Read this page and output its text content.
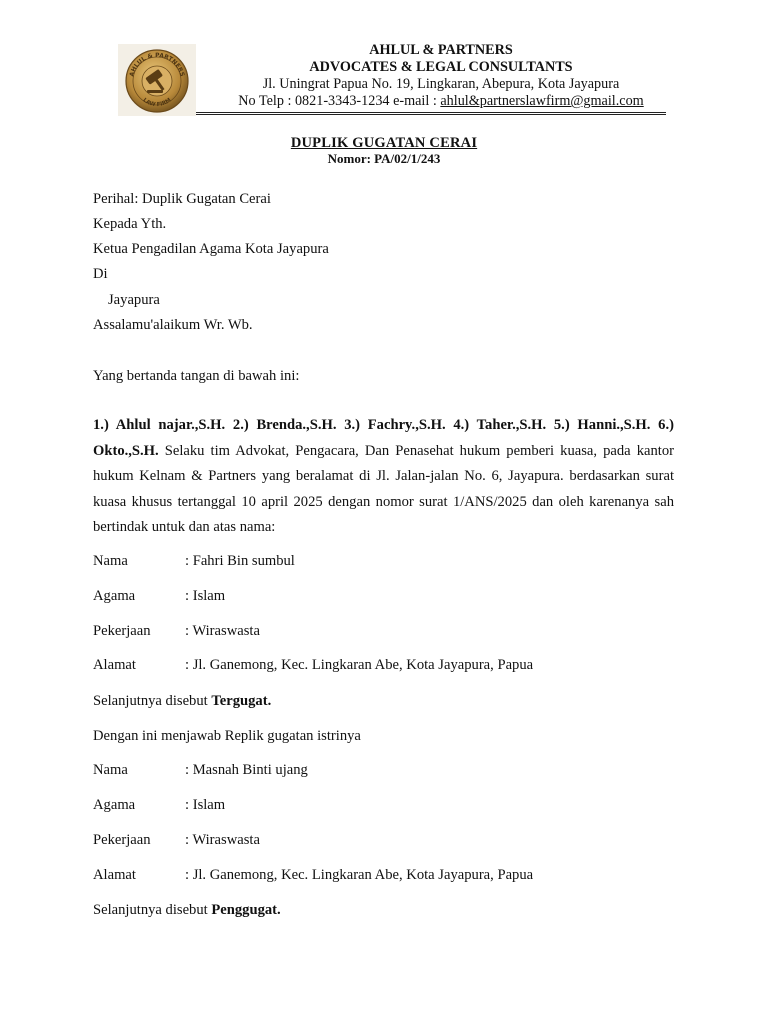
AHLUL & PARTNERS
LAW FIRM
AHLUL & PARTNERS
ADVOCATES & LEGAL CONSULTANTS
Jl. Uningrat Papua No. 19, Lingkaran, Abepura, Kota Jayapura
No Telp : 0821-3343-1234 e-mail : ahlul&partnerslawfirm@gmail.com
DUPLIK GUGATAN CERAI
Nomor: PA/02/1/243
Perihal: Duplik Gugatan Cerai
Kepada Yth.
Ketua Pengadilan Agama Kota Jayapura
Di
Jayapura
Assalamu'alaikum Wr. Wb.
Yang bertanda tangan di bawah ini:
1.) Ahlul najar.,S.H. 2.) Brenda.,S.H. 3.) Fachry.,S.H. 4.) Taher.,S.H. 5.) Hanni.,S.H. 6.) Okto.,S.H. Selaku tim Advokat, Pengacara, Dan Penasehat hukum pemberi kuasa, pada kantor hukum Kelnam & Partners yang beralamat di Jl. Jalan-jalan No. 6, Jayapura. berdasarkan surat kuasa khusus tertanggal 10 april 2025 dengan nomor surat 1/ANS/2025 dan oleh karenanya sah bertindak untuk dan atas nama:
Nama	: Fahri Bin sumbul
Agama	: Islam
Pekerjaan : Wiraswasta
Alamat	: Jl. Ganemong, Kec. Lingkaran Abe, Kota Jayapura, Papua
Selanjutnya disebut Tergugat.
Dengan ini menjawab Replik gugatan istrinya
Nama	: Masnah Binti ujang
Agama	: Islam
Pekerjaan : Wiraswasta
Alamat	: Jl. Ganemong, Kec. Lingkaran Abe, Kota Jayapura, Papua
Selanjutnya disebut Penggugat.
